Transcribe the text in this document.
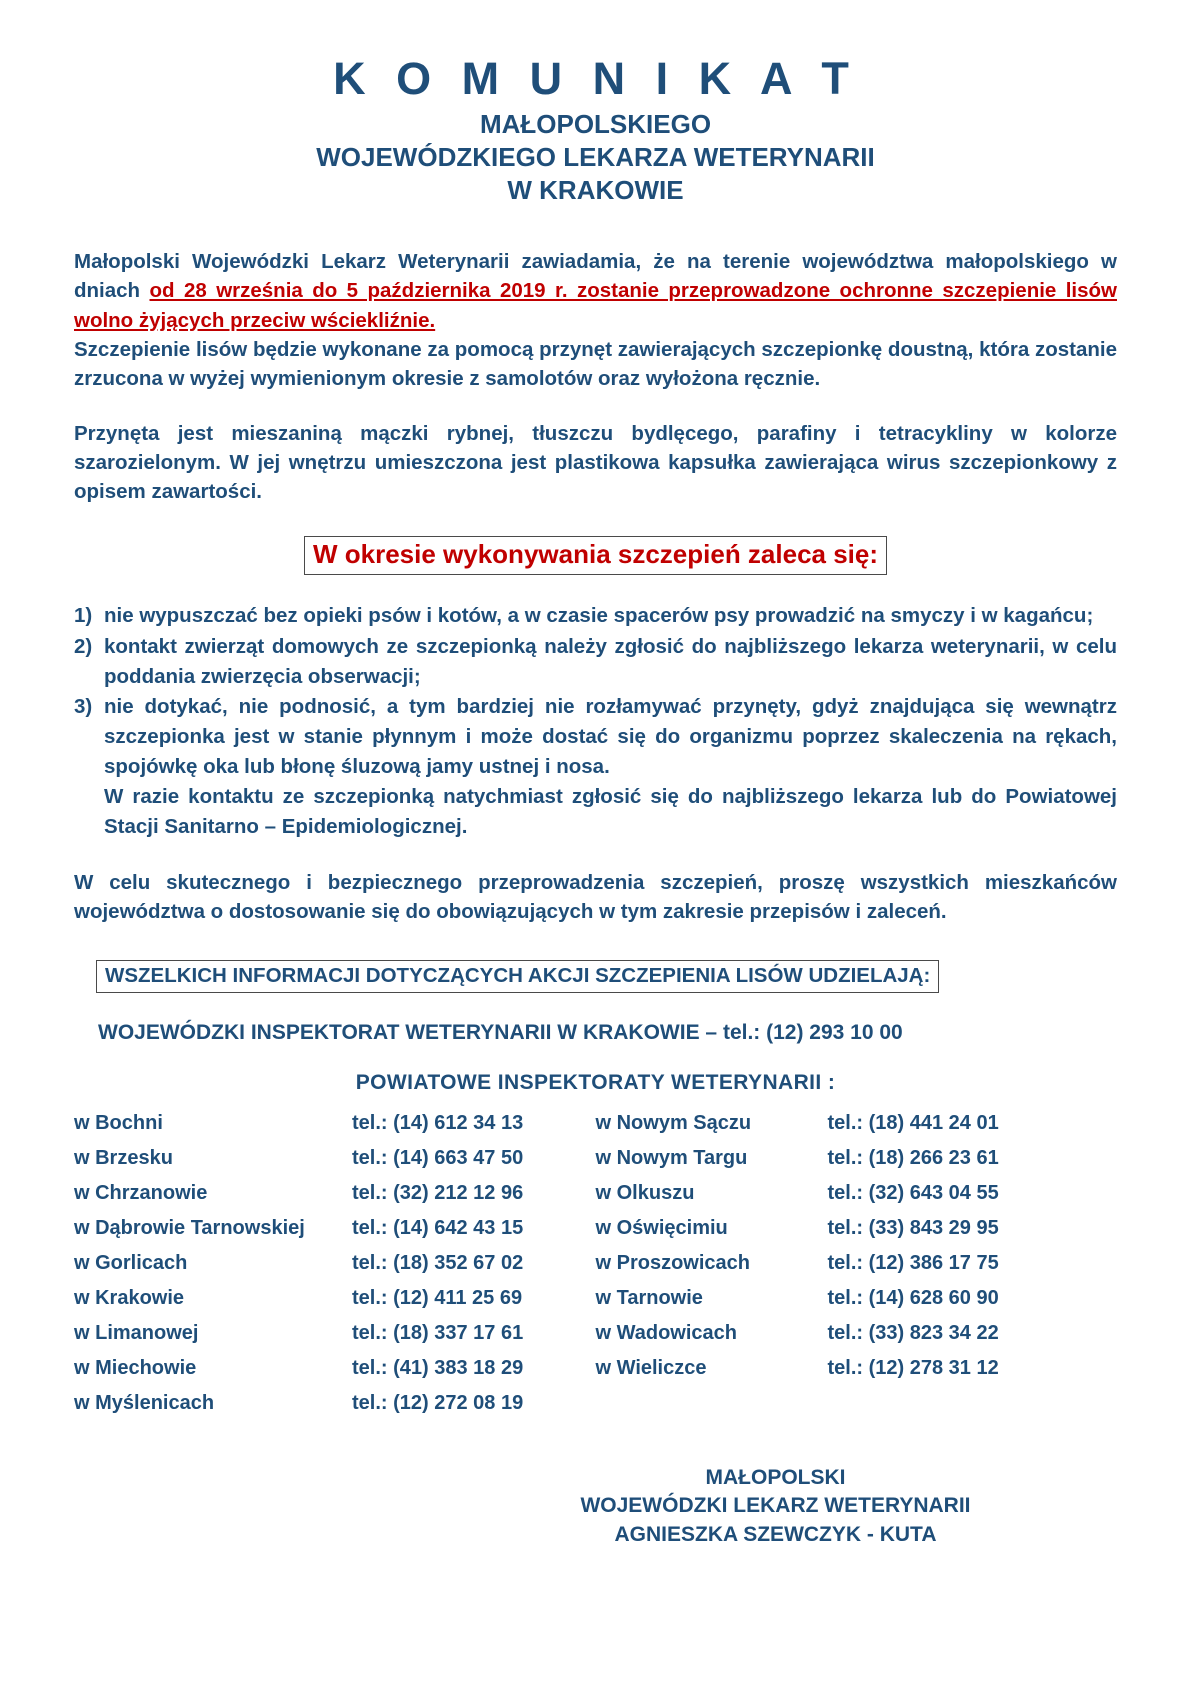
K O M U N I K A T
MAŁOPOLSKIEGO
WOJEWÓDZKIEGO LEKARZA WETERYNARII
W KRAKOWIE

Małopolski Wojewódzki Lekarz Weterynarii zawiadamia, że na terenie województwa małopolskiego w dniach od 28 września do 5 października 2019 r. zostanie przeprowadzone ochronne szczepienie lisów wolno żyjących przeciw wściekliźnie.

Szczepienie lisów będzie wykonane za pomocą przynęt zawierających szczepionkę doustną, która zostanie zrzucona w wyżej wymienionym okresie z samolotów oraz wyłożona ręcznie.

Przynęta jest mieszaniną mączki rybnej, tłuszczu bydlęcego, parafiny i tetracykliny w kolorze szarozielonym. W jej wnętrzu umieszczona jest plastikowa kapsułka zawierająca wirus szczepionkowy z opisem zawartości.

W okresie wykonywania szczepień zaleca się:
1) nie wypuszczać bez opieki psów i kotów, a w czasie spacerów psy prowadzić na smyczy i w kagańcu;
2) kontakt zwierząt domowych ze szczepionką należy zgłosić do najbliższego lekarza weterynarii, w celu poddania zwierzęcia obserwacji;
3) nie dotykać, nie podnosić, a tym bardziej nie rozłamywać przynęty, gdyż znajdująca się wewnątrz szczepionka jest w stanie płynnym i może dostać się do organizmu poprzez skaleczenia na rękach, spojówkę oka lub błonę śluzową jamy ustnej i nosa.
W razie kontaktu ze szczepionką natychmiast zgłosić się do najbliższego lekarza lub do Powiatowej Stacji Sanitarno – Epidemiologicznej.

W celu skutecznego i bezpiecznego przeprowadzenia szczepień, proszę wszystkich mieszkańców województwa o dostosowanie się do obowiązujących w tym zakresie przepisów i zaleceń.

WSZELKICH INFORMACJI DOTYCZĄCYCH AKCJI SZCZEPIENIA LISÓW UDZIELAJĄ:
WOJEWÓDZKI INSPEKTORAT WETERYNARII W KRAKOWIE – tel.: (12) 293 10 00
POWIATOWE INSPEKTORATY WETERYNARII :
w Bochni	tel.: (14) 612 34 13
w Brzesku	tel.: (14) 663 47 50
w Chrzanowie	tel.: (32) 212 12 96
w Dąbrowie Tarnowskiej	tel.: (14) 642 43 15
w Gorlicach	tel.: (18) 352 67 02
w Krakowie	tel.: (12) 411 25 69
w Limanowej	tel.: (18) 337 17 61
w Miechowie	tel.: (41) 383 18 29
w Myślenicach	tel.: (12) 272 08 19
w Nowym Sączu	tel.: (18) 441 24 01
w Nowym Targu	tel.: (18) 266 23 61
w Olkuszu	tel.: (32) 643 04 55
w Oświęcimiu	tel.: (33) 843 29 95
w Proszowicach	tel.: (12) 386 17 75
w Tarnowie	tel.: (14) 628 60 90
w Wadowicach	tel.: (33) 823 34 22
w Wieliczce	tel.: (12) 278 31 12
MAŁOPOLSKI
WOJEWÓDZKI LEKARZ WETERYNARII
AGNIESZKA SZEWCZYK - KUTA
